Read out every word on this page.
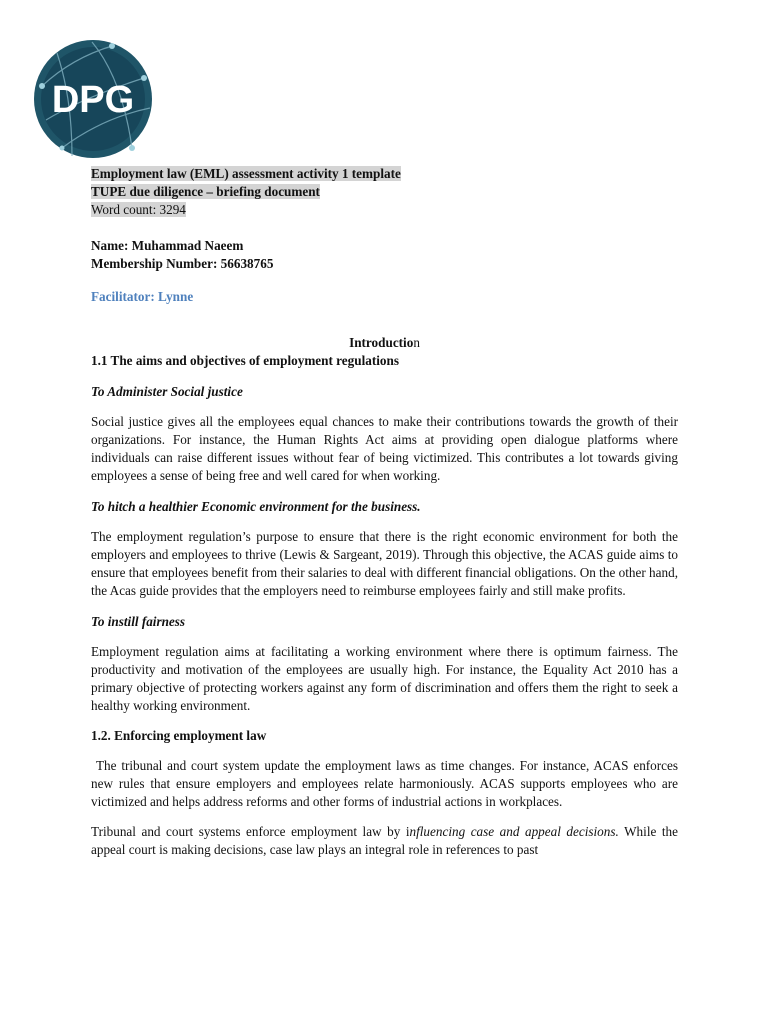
DPG
Employment law (EML) assessment activity 1 template
TUPE due diligence – briefing document
Word count: 3294
Name: Muhammad Naeem
Membership Number: 56638765
Facilitator: Lynne
Introduction
1.1 The aims and objectives of employment regulations
To Administer Social justice

Social justice gives all the employees equal chances to make their contributions towards the growth of their organizations. For instance, the Human Rights Act aims at providing open dialogue platforms where individuals can raise different issues without fear of being victimized. This contributes a lot towards giving employees a sense of being free and well cared for when working.

To hitch a healthier Economic environment for the business.

The employment regulation’s purpose to ensure that there is the right economic environment for both the employers and employees to thrive (Lewis & Sargeant, 2019). Through this objective, the ACAS guide aims to ensure that employees benefit from their salaries to deal with different financial obligations. On the other hand, the Acas guide provides that the employers need to reimburse employees fairly and still make profits.

To instill fairness

Employment regulation aims at facilitating a working environment where there is optimum fairness. The productivity and motivation of the employees are usually high. For instance, the Equality Act 2010 has a primary objective of protecting workers against any form of discrimination and offers them the right to seek a healthy working environment.

1.2. Enforcing employment law

The tribunal and court system update the employment laws as time changes. For instance, ACAS enforces new rules that ensure employers and employees relate harmoniously. ACAS supports employees who are victimized and helps address reforms and other forms of industrial actions in workplaces.

Tribunal and court systems enforce employment law by influencing case and appeal decisions. While the appeal court is making decisions, case law plays an integral role in references to past
